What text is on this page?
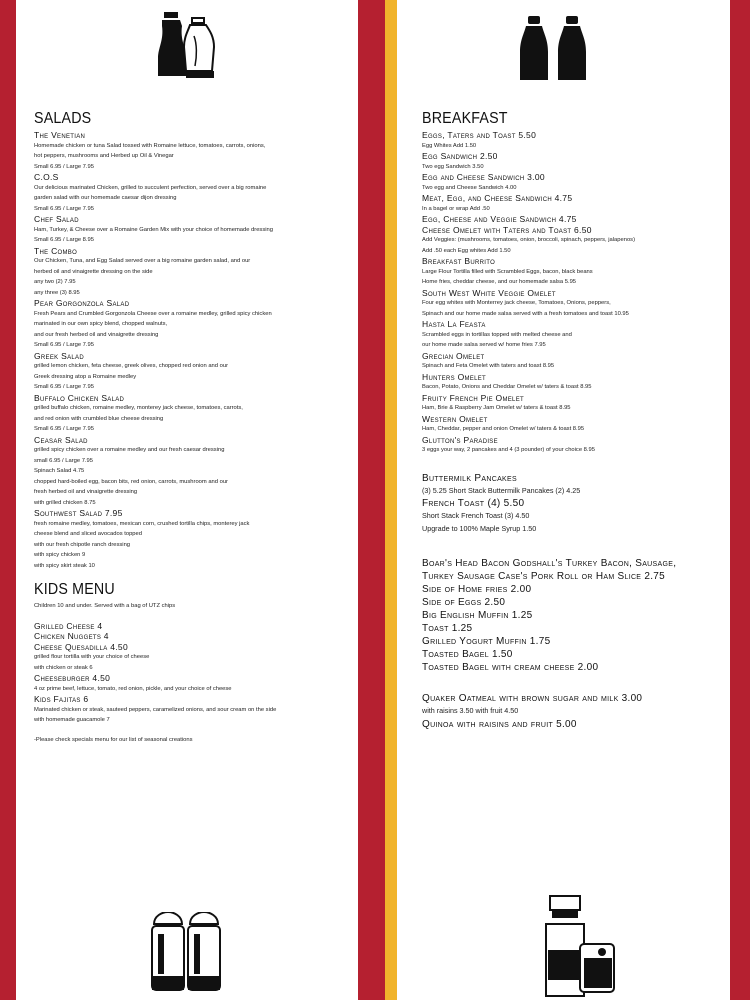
SALADS
The Venetian
Homemade chicken or tuna Salad tossed with Romaine lettuce, tomatoes, carrots, onions,
hot peppers, mushrooms and Herbed up Oil & Vinegar
Small 6.95 / Large 7.95
C.O.S
Our delicious marinated Chicken, grilled to succulent perfection, served over a big romaine
garden salad with our homemade caesar dijon dressing
Small 6.95 / Large 7.95
Chef Salad
Ham, Turkey, & Cheese over a Romaine Garden Mix with your choice of homemade dressing
Small 6.95 / Large 8.95
The Combo
Our Chicken, Tuna, and Egg Salad served over a big romaine garden salad, and our
herbed oil and vinaigrette dressing on the side
any two (2) 7.95
any three (3) 8.95
Pear Gorgonzola Salad
Fresh Pears and Crumbled Gorgonzola Cheese over a romaine medley, grilled spicy chicken
marinated in our own spicy blend, chopped walnuts,
and our fresh herbed oil and vinaigrette dressing
Small 6.95 / Large 7.95
Greek Salad
grilled lemon chicken, feta cheese, greek olives, chopped red onion and our
Greek dressing atop a Romaine medley
Small 6.95 / Large 7.95
Buffalo Chicken Salad
grilled buffalo chicken, romaine medley, monterey jack cheese, tomatoes, carrots,
and red onion with crumbled blue cheese dressing
Small 6.95 / Large 7.95
Ceasar Salad
grilled spicy chicken over a romaine medley and our fresh caesar dressing
small 6.95 / Large 7.95
Spinach Salad 4.75
chopped hard-boiled egg, bacon bits, red onion, carrots, mushroom and our
fresh herbed oil and vinaigrette dressing
with grilled chicken 8.75
Southwest Salad 7.95
fresh romaine medley, tomatoes, mexican corn, crushed tortilla chips, monterey jack
cheese blend and sliced avocados topped
with our fresh chipotle ranch dressing
with spicy chicken 9
with spicy skirt steak 10
KIDS MENU
Children 10 and under. Served with a bag of UTZ chips
Grilled Cheese 4
Chicken Nuggets 4
Cheese Quesadilla 4.50
grilled flour tortilla with your choice of cheese
with chicken or steak 6
Cheeseburger 4.50
4 oz prime beef, lettuce, tomato, red onion, pickle, and your choice of cheese
Kids Fajitas 6
Marinated chicken or steak, sauteed peppers, caramelized onions, and sour cream on the side
with homemade guacamole 7
-Please check specials menu for our list of seasonal creations
BREAKFAST
Eggs, Taters and Toast 5.50
Egg Whites Add 1.50
Egg Sandwich 2.50
Two egg Sandwich 3.50
Egg and Cheese Sandwich 3.00
Two egg and Cheese Sandwich 4.00
Meat, Egg, and Cheese Sandwich 4.75
In a bagel or wrap Add .50
Egg, Cheese and Veggie Sandwich 4.75
Cheese Omelet with Taters and Toast 6.50
Add Veggies: (mushrooms, tomatoes, onion, broccoli, spinach, peppers, jalapenos)
Add .50 each Egg whites Add 1.50
Breakfast Burrito
Large Flour Tortilla filled with Scrambled Eggs, bacon, black beans
Home fries, cheddar cheese, and our homemade salsa 5.95
South West White Veggie Omelet
Four egg whites with Monterrey jack cheese, Tomatoes, Onions, peppers,
Spinach and our home made salsa served with a fresh tomatoes and toast 10.95
Hasta La Feasta
Scrambled eggs in tortillas topped with melted cheese and
our home made salsa served w/ home fries 7.95
Grecian Omelet
Spinach and Feta Omelet with taters and toast 8.95
Hunters Omelet
Bacon, Potato, Onions and Cheddar Omelet w/ taters & toast 8.95
Fruity French Pie Omelet
Ham, Brie & Raspberry Jam Omelet w/ taters & toast 8.95
Western Omelet
Ham, Cheddar, pepper and onion Omelet w/ taters & toast 8.95
Glutton's Paradise
3 eggs your way, 2 pancakes and 4 (3 pounder) of your choice 8.95
Buttermilk Pancakes
(3) 5.25 Short Stack Buttermilk Pancakes (2) 4.25
French Toast (4) 5.50
Short Stack French Toast (3) 4.50
Upgrade to 100% Maple Syrup 1.50
Boar's Head Bacon Godshall's Turkey Bacon, Sausage,
Turkey Sausage Case's Pork Roll or Ham Slice 2.75
Side of Home fries 2.00
Side of Eggs 2.50
Big English Muffin 1.25
Toast 1.25
Grilled Yogurt Muffin 1.75
Toasted Bagel 1.50
Toasted Bagel with cream cheese 2.00
Quaker Oatmeal with brown sugar and milk 3.00
with raisins 3.50 with fruit 4.50
Quinoa with raisins and fruit 5.00
